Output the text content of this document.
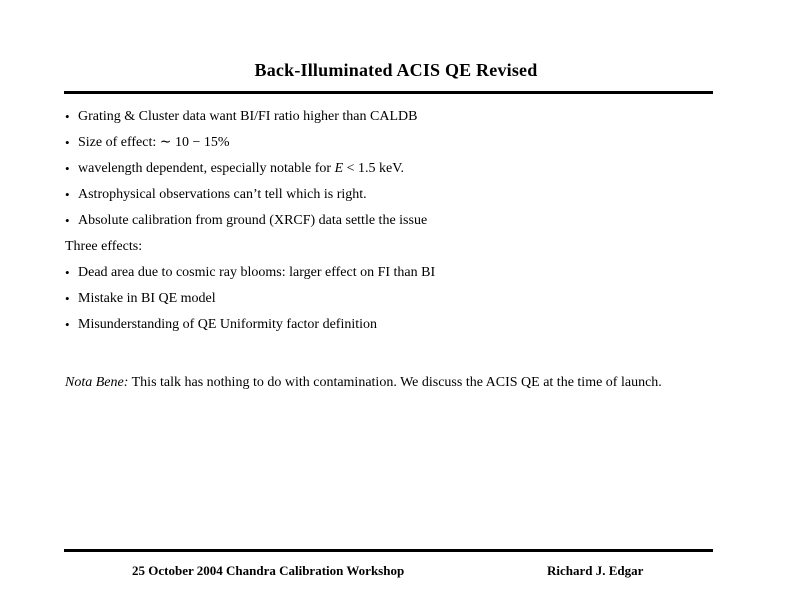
Back-Illuminated ACIS QE Revised
• Grating & Cluster data want BI/FI ratio higher than CALDB
• Size of effect: ∼ 10 − 15%
• wavelength dependent, especially notable for E < 1.5 keV.
• Astrophysical observations can’t tell which is right.
• Absolute calibration from ground (XRCF) data settle the issue
Three effects:
• Dead area due to cosmic ray blooms: larger effect on FI than BI
• Mistake in BI QE model
• Misunderstanding of QE Uniformity factor definition
Nota Bene: This talk has nothing to do with contamination. We discuss the ACIS QE at the time of launch.
25 October 2004 Chandra Calibration Workshop	Richard J. Edgar
